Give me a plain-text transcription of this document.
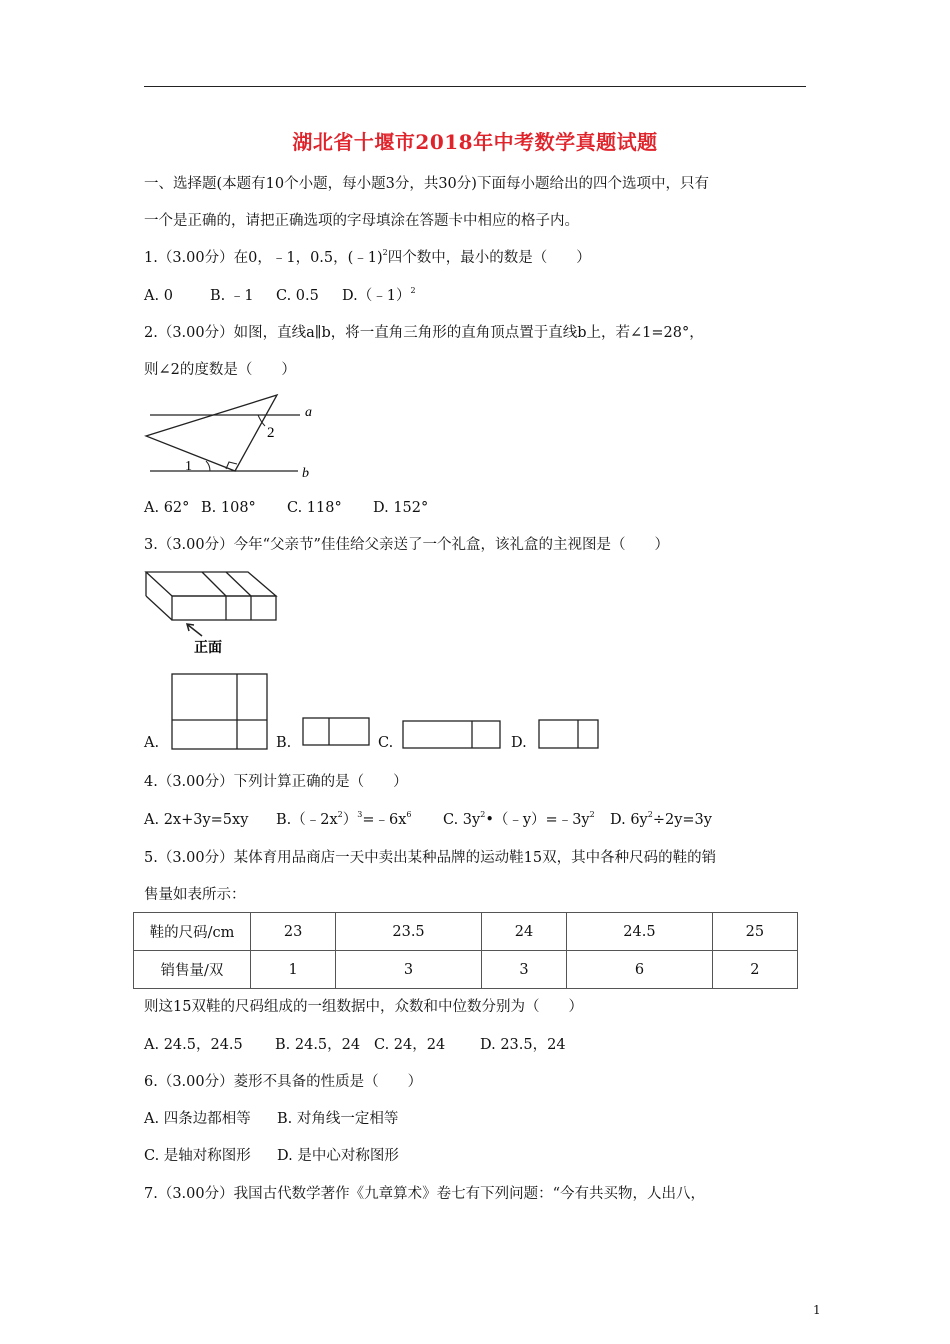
湖北省十堰市2018年中考数学真题试题
一、选择题(本题有10个小题，每小题3分，共30分)下面每小题给出的四个选项中，只有
一个是正确的，请把正确选项的字母填涂在答题卡中相应的格子内。
1.（3.00分）在0，﹣1，0.5，(﹣1)$^2$四个数中，最小的数是（　　）
A. 0	B. ﹣1 C. 0.5 D.（﹣1）$^2$
2.（3.00分）如图，直线a∥b，将一直角三角形的直角顶点置于直线b上，若∠1=28°，
则∠2的度数是（　　）
a
b
2
1
A. 62° B. 108° C. 118° D. 152°
3.（3.00分）今年“父亲节”佳佳给父亲送了一个礼盒，该礼盒的主视图是（　　）
正面
A.	B.	C.	D.
4.（3.00分）下列计算正确的是（　　）
A. 2x+3y=5xy $B.(﹣2x^2)^3=﹣6x^6$ C. $3y^2•(﹣y)=﹣3y^2$ D. $6y^2\div 2y=3y$
5.（3.00分）某体育用品商店一天中卖出某种品牌的运动鞋15双，其中各种尺码的鞋的销
售量如表所示：
鞋的尺码/cm	23	23.5	24	24.5	25
销售量/双	1	3	3	6	2
则这15双鞋的尺码组成的一组数据中，众数和中位数分别为（　　）
A. 24.5，24.5 B. 24.5，24 C. 24，24 D. 23.5，24
6.（3.00分）菱形不具备的性质是（　　）
A. 四条边都相等 B. 对角线一定相等
C. 是轴对称图形 D. 是中心对称图形
7.（3.00分）我国古代数学著作《九章算术》卷七有下列问题：“今有共买物，人出八，
1
